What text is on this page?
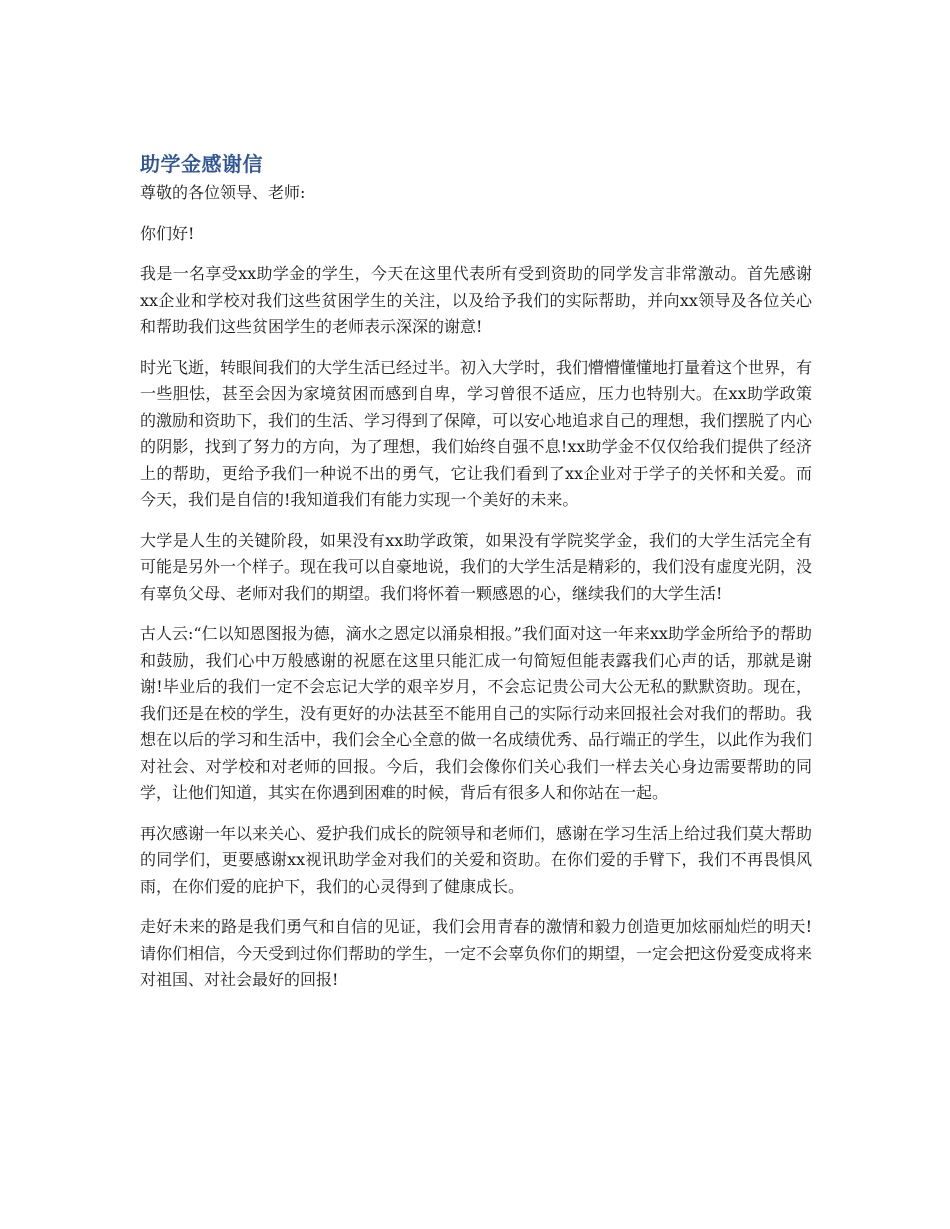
助学金感谢信

尊敬的各位领导、老师:

你们好!

我是一名享受xx助学金的学生，今天在这里代表所有受到资助的同学发言非常激动。首先感谢xx企业和学校对我们这些贫困学生的关注，以及给予我们的实际帮助，并向xx领导及各位关心和帮助我们这些贫困学生的老师表示深深的谢意!

时光飞逝，转眼间我们的大学生活已经过半。初入大学时，我们懵懵懂懂地打量着这个世界，有一些胆怯，甚至会因为家境贫困而感到自卑，学习曾很不适应，压力也特别大。在xx助学政策的激励和资助下，我们的生活、学习得到了保障，可以安心地追求自己的理想，我们摆脱了内心的阴影，找到了努力的方向，为了理想，我们始终自强不息!xx助学金不仅仅给我们提供了经济上的帮助，更给予我们一种说不出的勇气，它让我们看到了xx企业对于学子的关怀和关爱。而今天，我们是自信的!我知道我们有能力实现一个美好的未来。

大学是人生的关键阶段，如果没有xx助学政策，如果没有学院奖学金，我们的大学生活完全有可能是另外一个样子。现在我可以自豪地说，我们的大学生活是精彩的，我们没有虚度光阴，没有辜负父母、老师对我们的期望。我们将怀着一颗感恩的心，继续我们的大学生活!

古人云:“仁以知恩图报为德，滴水之恩定以涌泉相报。”我们面对这一年来xx助学金所给予的帮助和鼓励，我们心中万般感谢的祝愿在这里只能汇成一句简短但能表露我们心声的话，那就是谢谢!毕业后的我们一定不会忘记大学的艰辛岁月，不会忘记贵公司大公无私的默默资助。现在，我们还是在校的学生，没有更好的办法甚至不能用自己的实际行动来回报社会对我们的帮助。我想在以后的学习和生活中，我们会全心全意的做一名成绩优秀、品行端正的学生，以此作为我们对社会、对学校和对老师的回报。今后，我们会像你们关心我们一样去关心身边需要帮助的同学，让他们知道，其实在你遇到困难的时候，背后有很多人和你站在一起。

再次感谢一年以来关心、爱护我们成长的院领导和老师们，感谢在学习生活上给过我们莫大帮助的同学们，更要感谢xx视讯助学金对我们的关爱和资助。在你们爱的手臂下，我们不再畏惧风雨，在你们爱的庇护下，我们的心灵得到了健康成长。

走好未来的路是我们勇气和自信的见证，我们会用青春的激情和毅力创造更加炫丽灿烂的明天!请你们相信，今天受到过你们帮助的学生，一定不会辜负你们的期望，一定会把这份爱变成将来对祖国、对社会最好的回报!
